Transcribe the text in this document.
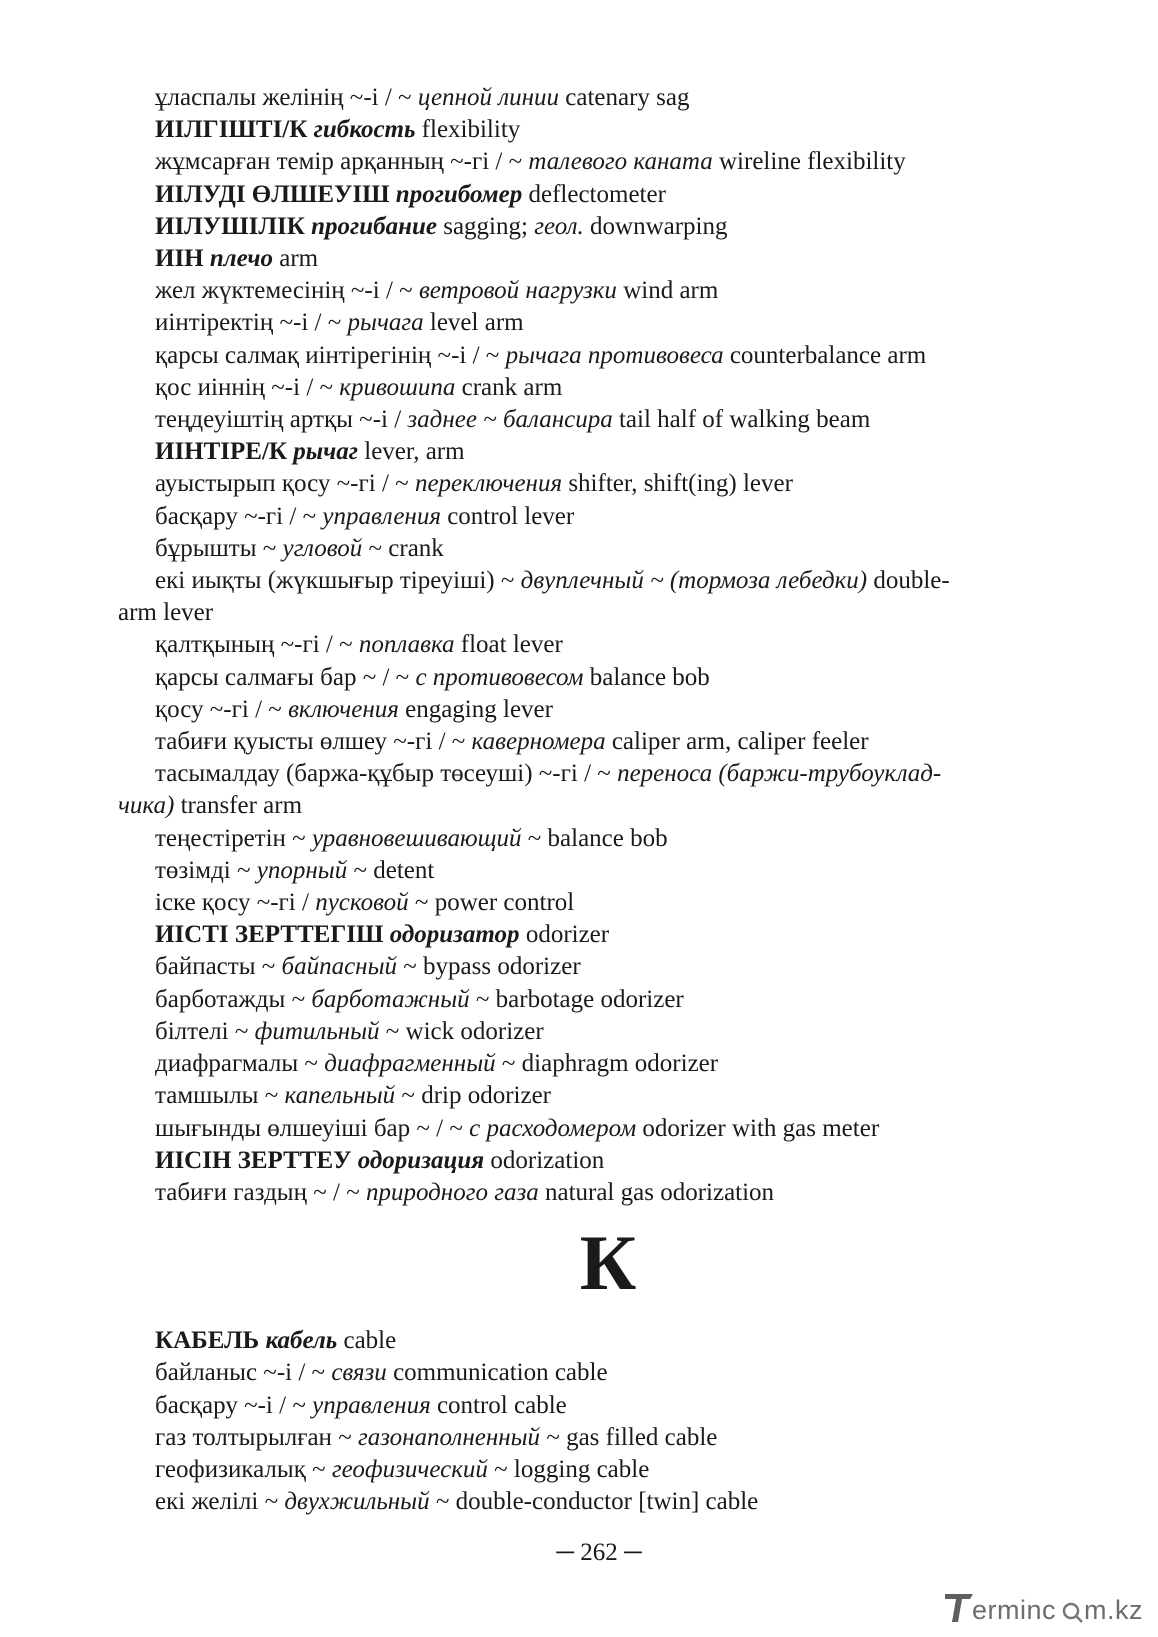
ұласпалы желінің ~-і / ~ цепной линии catenary sag
ИІЛГІШТІ/К гибкость flexibility
жұмсарған темір арқанның ~-гі / ~ талевого каната wireline flexibility
ИІЛУДІ ӨЛШЕУІШ прогибомер deflectometer
ИІЛУШІЛІК прогибание sagging; геол. downwarping
ИІН плечо arm
жел жүктемесінің ~-і / ~ ветровой нагрузки wind arm
иінтіректің ~-і / ~ рычага level arm
қарсы салмақ иінтірегінің ~-і / ~ рычага противовеса counterbalance arm
қос иіннің ~-і / ~ кривошипа crank arm
теңдеуіштің артқы ~-і / заднее ~ балансира tail half of walking beam
ИІНТІРЕ/К рычаг lever, arm
ауыстырып қосу ~-гі / ~ переключения shifter, shift(ing) lever
басқару ~-гі / ~ управления control lever
бұрышты ~ угловой ~ crank
екі иықты (жүкшығыр тіреуіші) ~ двуплечный ~ (тормоза лебедки) double-
arm lever
қалтқының ~-гі / ~ поплавка float lever
қарсы салмағы бар ~ / ~ с противовесом balance bob
қосу ~-гі / ~ включения engaging lever
табиғи қуысты өлшеу ~-гі / ~ каверномера caliper arm, caliper feeler
тасымалдау (баржа-құбыр төсеуші) ~-гі / ~ переноса (баржи-трубоуклад-
чика) transfer arm
теңестіретін ~ уравновешивающий ~ balance bob
төзімді ~ упорный ~ detent
іске қосу ~-гі / пусковой ~ power control
ИІСТІ ЗЕРТТЕГІШ одоризатор odorizer
байпасты ~ байпасный ~ bypass odorizer
барботажды ~ барботажный ~ barbotage odorizer
білтелі ~ фитильный ~ wick odorizer
диафрагмалы ~ диафрагменный ~ diaphragm odorizer
тамшылы ~ капельный ~ drip odorizer
шығынды өлшеуіші бар ~ / ~ с расходомером odorizer with gas meter
ИІСІН ЗЕРТТЕУ одоризация odorization
табиғи газдың ~ / ~ природного газа natural gas odorization
К
КАБЕЛЬ кабель cable
байланыс ~-і / ~ связи communication cable
басқару ~-і / ~ управления control cable
газ толтырылған ~ газонаполненный ~ gas filled cable
геофизикалық ~ геофизический ~ logging cable
екі желілі ~ двухжильный ~ double-conductor [twin] cable
─ 262 ─
erminc m.kz
